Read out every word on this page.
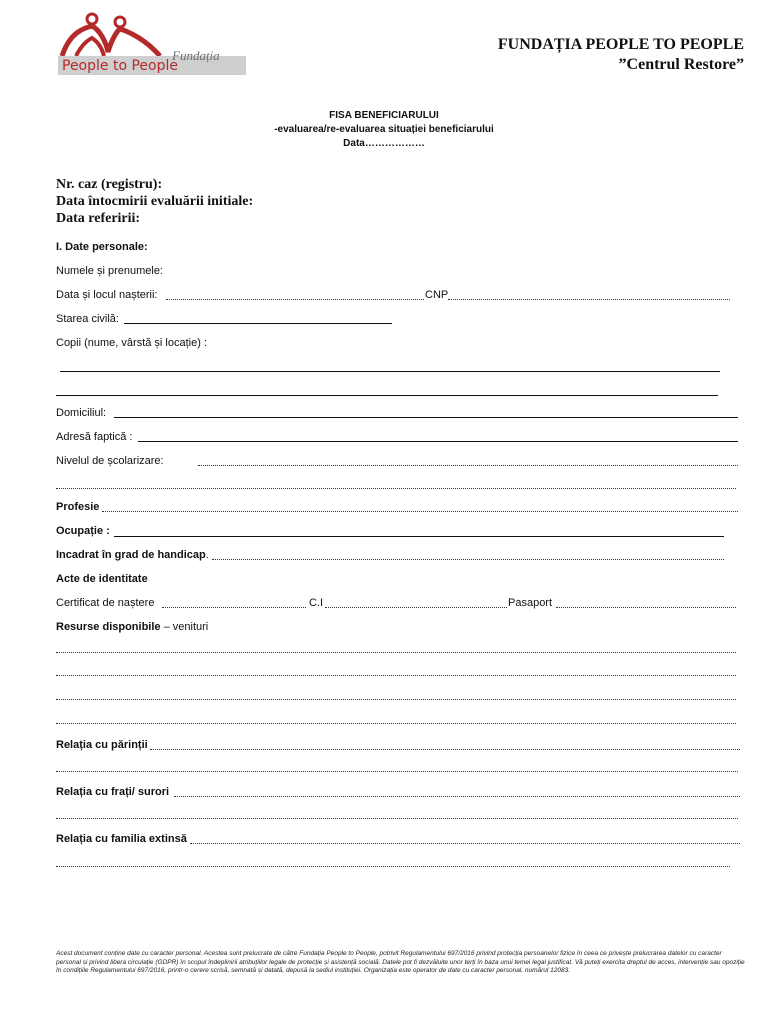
Fundația
People to People
FUNDAȚIA PEOPLE TO PEOPLE
”Centrul Restore”
FISA BENEFICIARULUI
-evaluarea/re-evaluarea situației beneficiarului
Data………………
Nr. caz (registru):
Data întocmirii evaluării initiale:
Data referirii:
I. Date personale:
Numele și prenumele:
Data și locul nașterii:	CNP
Starea civilă:
Copii (nume, vârstă și locație) :
Domiciliul:
Adresă faptică :
Nivelul de școlarizare:
Profesie
Ocupație :
Incadrat în grad de handicap.
Acte de identitate
Certificat de naștere	C.I	Pasaport
Resurse disponibile – venituri
Relația cu părinții
Relația cu frați/ surori
Relația cu familia extinsă
Acest document conține date cu caracter personal. Acestea sunt prelucrate de către Fundația People to People, potrivit Regulamentului 697/2016 privind protecția persoanelor fizice în ceea ce privește prelucrarea datelor cu caracter personal și privind libera circulație (GDPR) în scopul îndeplinirii atribuțiilor legale de protecție și asistență socială. Datele pot fi dezvăluite unor terți în baza unui temei legal justificat. Vă puteți exercita dreptul de acces, intervenție sau opoziție în condițiile Regulamentului 697/2016, printr-o cerere scrisă, semnată și datată, depusă la sediul instituției. Organizația este operator de date cu caracter personal, numărul 12083.
